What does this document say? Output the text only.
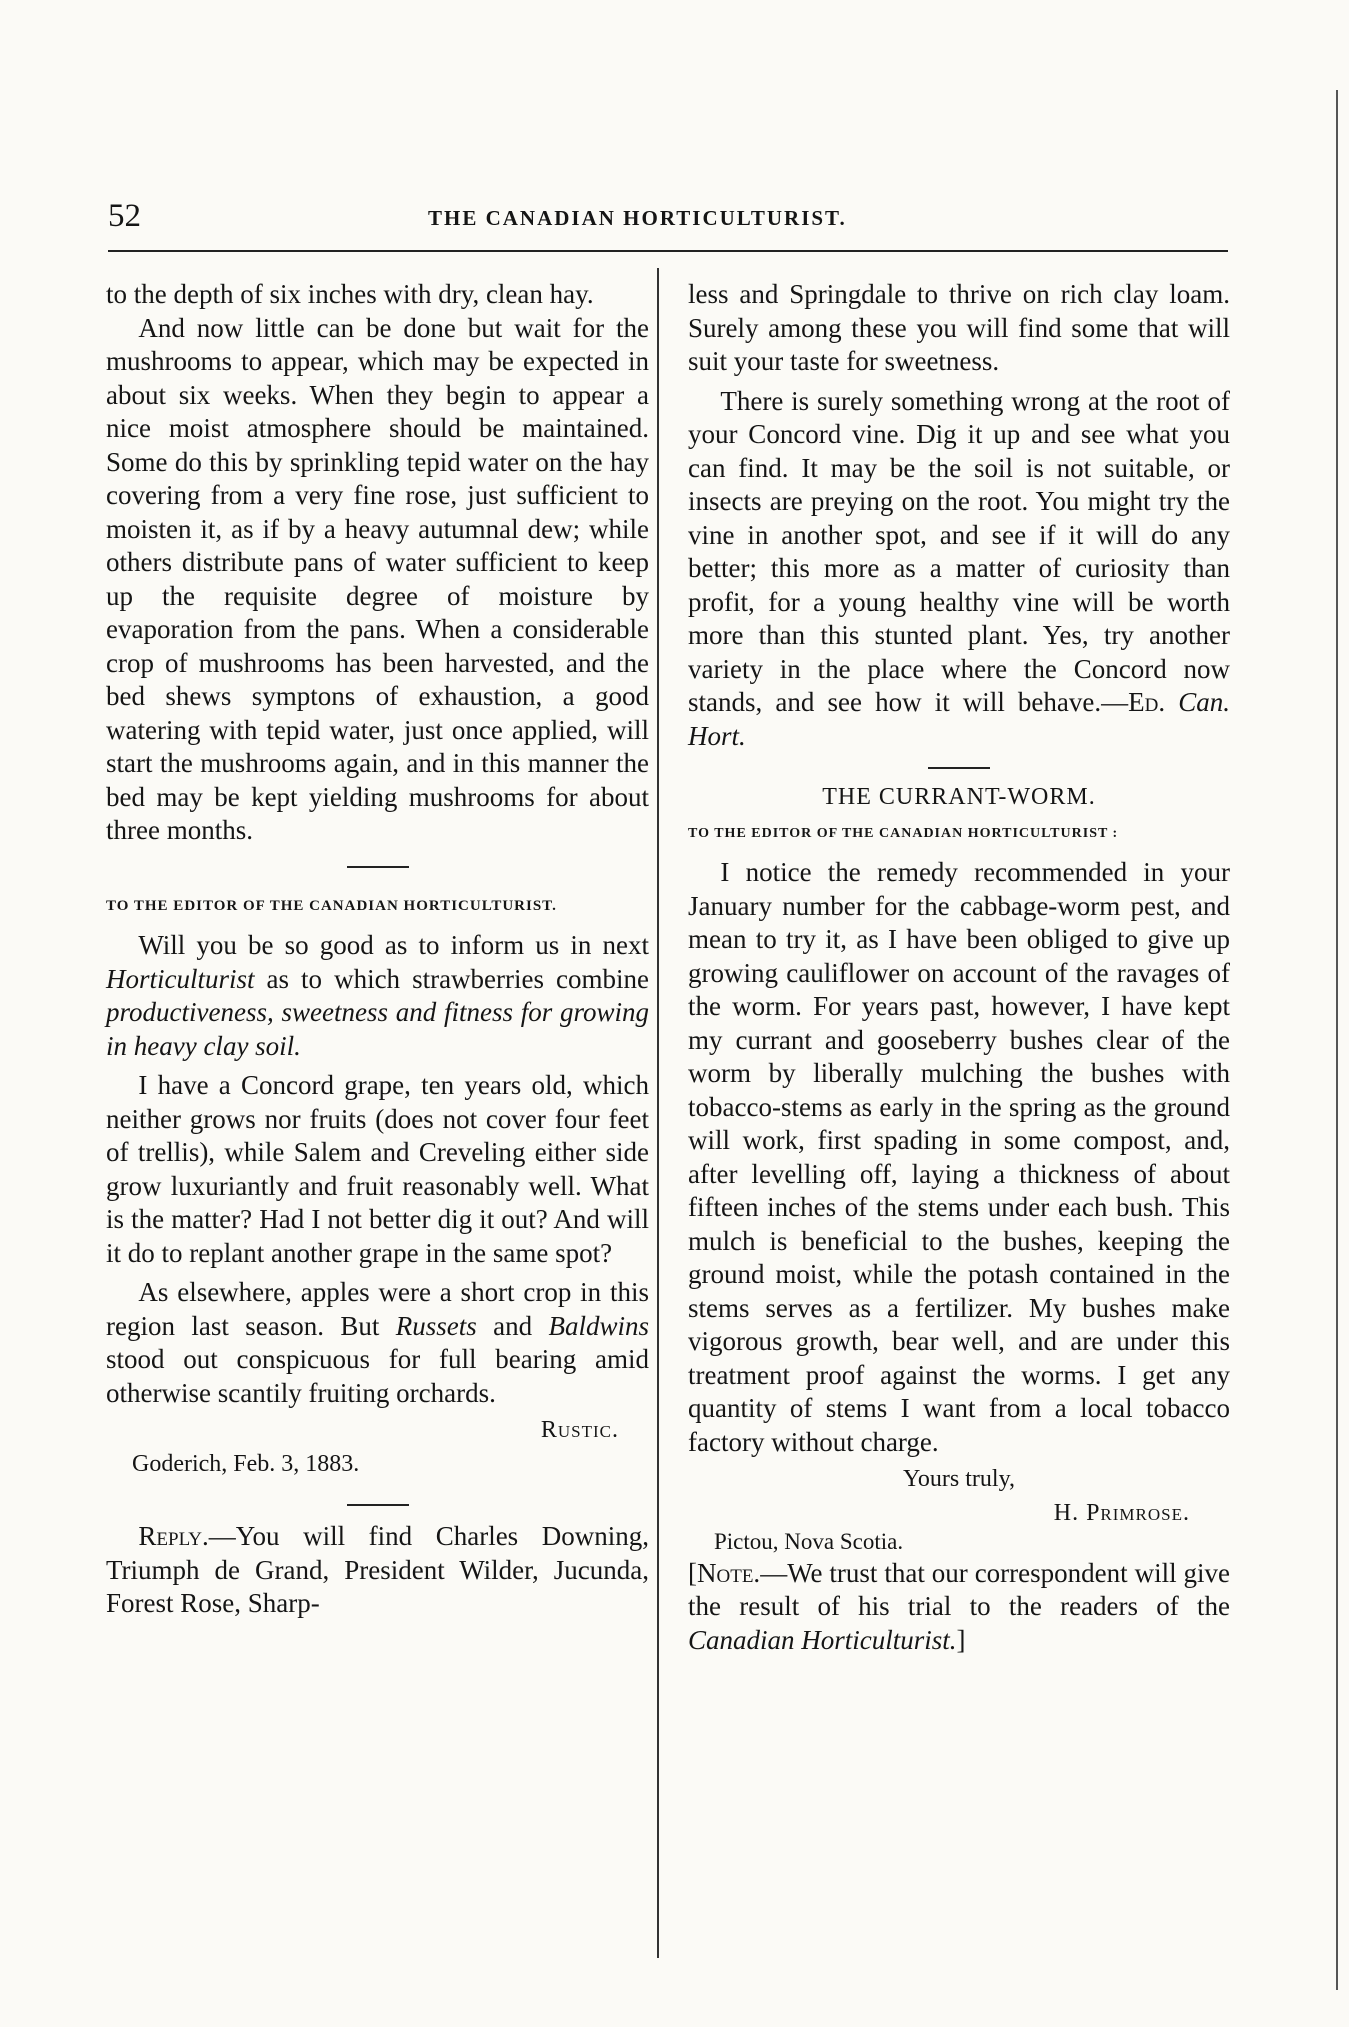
52	THE CANADIAN HORTICULTURIST.

to the depth of six inches with dry, clean hay.

And now little can be done but wait for the mushrooms to appear, which may be expected in about six weeks. When they begin to appear a nice moist atmosphere should be maintained. Some do this by sprinkling tepid water on the hay covering from a very fine rose, just sufficient to moisten it, as if by a heavy autumnal dew; while others distribute pans of water sufficient to keep up the requisite degree of moisture by evaporation from the pans. When a considerable crop of mushrooms has been harvested, and the bed shews symptons of exhaustion, a good watering with tepid water, just once applied, will start the mushrooms again, and in this manner the bed may be kept yielding mushrooms for about three months.

TO THE EDITOR OF THE CANADIAN HORTICULTURIST.

Will you be so good as to inform us in next Horticulturist as to which strawberries combine productiveness, sweetness and fitness for growing in heavy clay soil.

I have a Concord grape, ten years old, which neither grows nor fruits (does not cover four feet of trellis), while Salem and Creveling either side grow luxuriantly and fruit reasonably well. What is the matter? Had I not better dig it out? And will it do to replant another grape in the same spot?

As elsewhere, apples were a short crop in this region last season. But Russets and Baldwins stood out conspicuous for full bearing amid otherwise scantily fruiting orchards.

Rustic.
Goderich, Feb. 3, 1883.

Reply.—You will find Charles Downing, Triumph de Grand, President Wilder, Jucunda, Forest Rose, Sharp-

less and Springdale to thrive on rich clay loam. Surely among these you will find some that will suit your taste for sweetness.

There is surely something wrong at the root of your Concord vine. Dig it up and see what you can find. It may be the soil is not suitable, or insects are preying on the root. You might try the vine in another spot, and see if it will do any better; this more as a matter of curiosity than profit, for a young healthy vine will be worth more than this stunted plant. Yes, try another variety in the place where the Concord now stands, and see how it will behave.—Ed. Can. Hort.

THE CURRANT-WORM.
TO THE EDITOR OF THE CANADIAN HORTICULTURIST :

I notice the remedy recommended in your January number for the cabbage-worm pest, and mean to try it, as I have been obliged to give up growing cauliflower on account of the ravages of the worm. For years past, however, I have kept my currant and gooseberry bushes clear of the worm by liberally mulching the bushes with tobacco-stems as early in the spring as the ground will work, first spading in some compost, and, after levelling off, laying a thickness of about fifteen inches of the stems under each bush. This mulch is beneficial to the bushes, keeping the ground moist, while the potash contained in the stems serves as a fertilizer. My bushes make vigorous growth, bear well, and are under this treatment proof against the worms. I get any quantity of stems I want from a local tobacco factory without charge.

Yours truly,
H. Primrose.
Pictou, Nova Scotia.

[Note.—We trust that our correspondent will give the result of his trial to the readers of the Canadian Horticulturist.]
